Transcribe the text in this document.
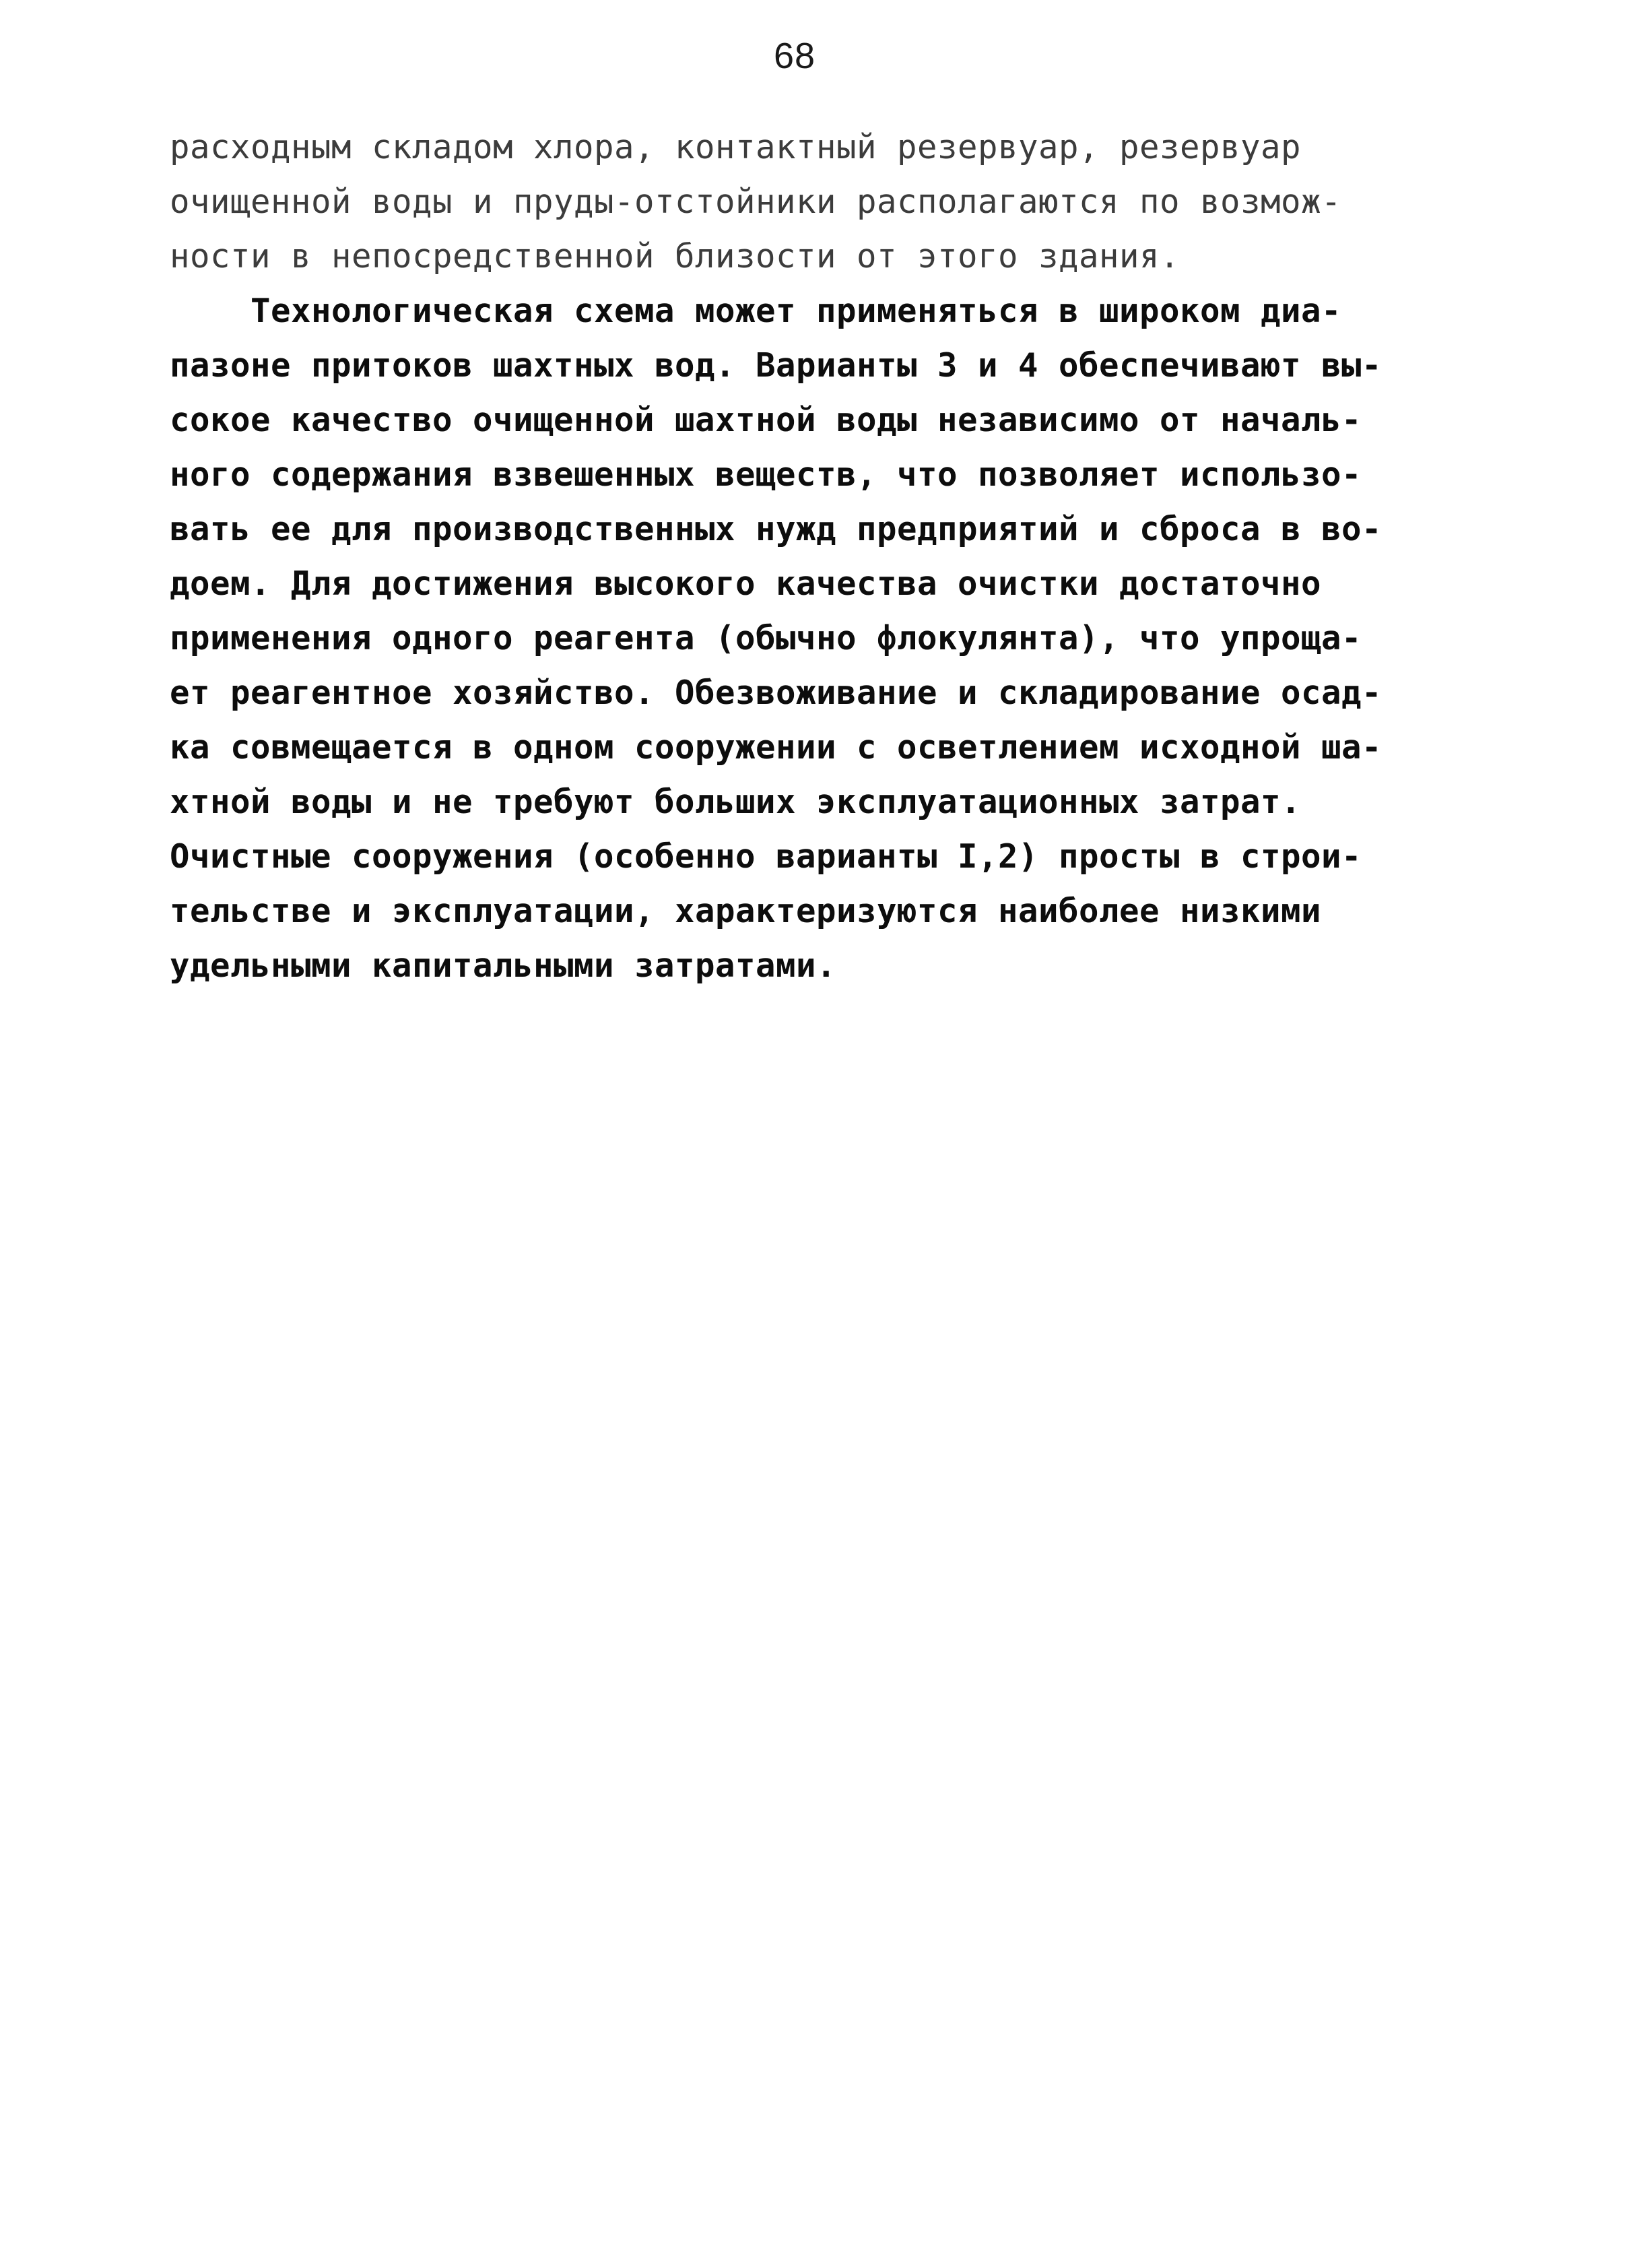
68
расходным складом хлора, контактный резервуар, резервуар
очищенной воды и пруды-отстойники располагаются по возмож-
ности в непосредственной близости от этого здания.
Технологическая схема может применяться в широком диа-
пазоне притоков шахтных вод. Варианты 3 и 4 обеспечивают вы-
сокое качество очищенной шахтной воды независимо от началь-
ного содержания взвешенных веществ, что позволяет использо-
вать ее для производственных нужд предприятий и сброса в во-
доем. Для достижения высокого качества очистки достаточно
применения одного реагента (обычно флокулянта), что упроща-
ет реагентное хозяйство. Обезвоживание и складирование осад-
ка совмещается в одном сооружении с осветлением исходной ша-
хтной воды и не требуют больших эксплуатационных затрат.
Очистные сооружения (особенно варианты I,2) просты в строи-
тельстве и эксплуатации, характеризуются наиболее низкими
удельными капитальными затратами.
